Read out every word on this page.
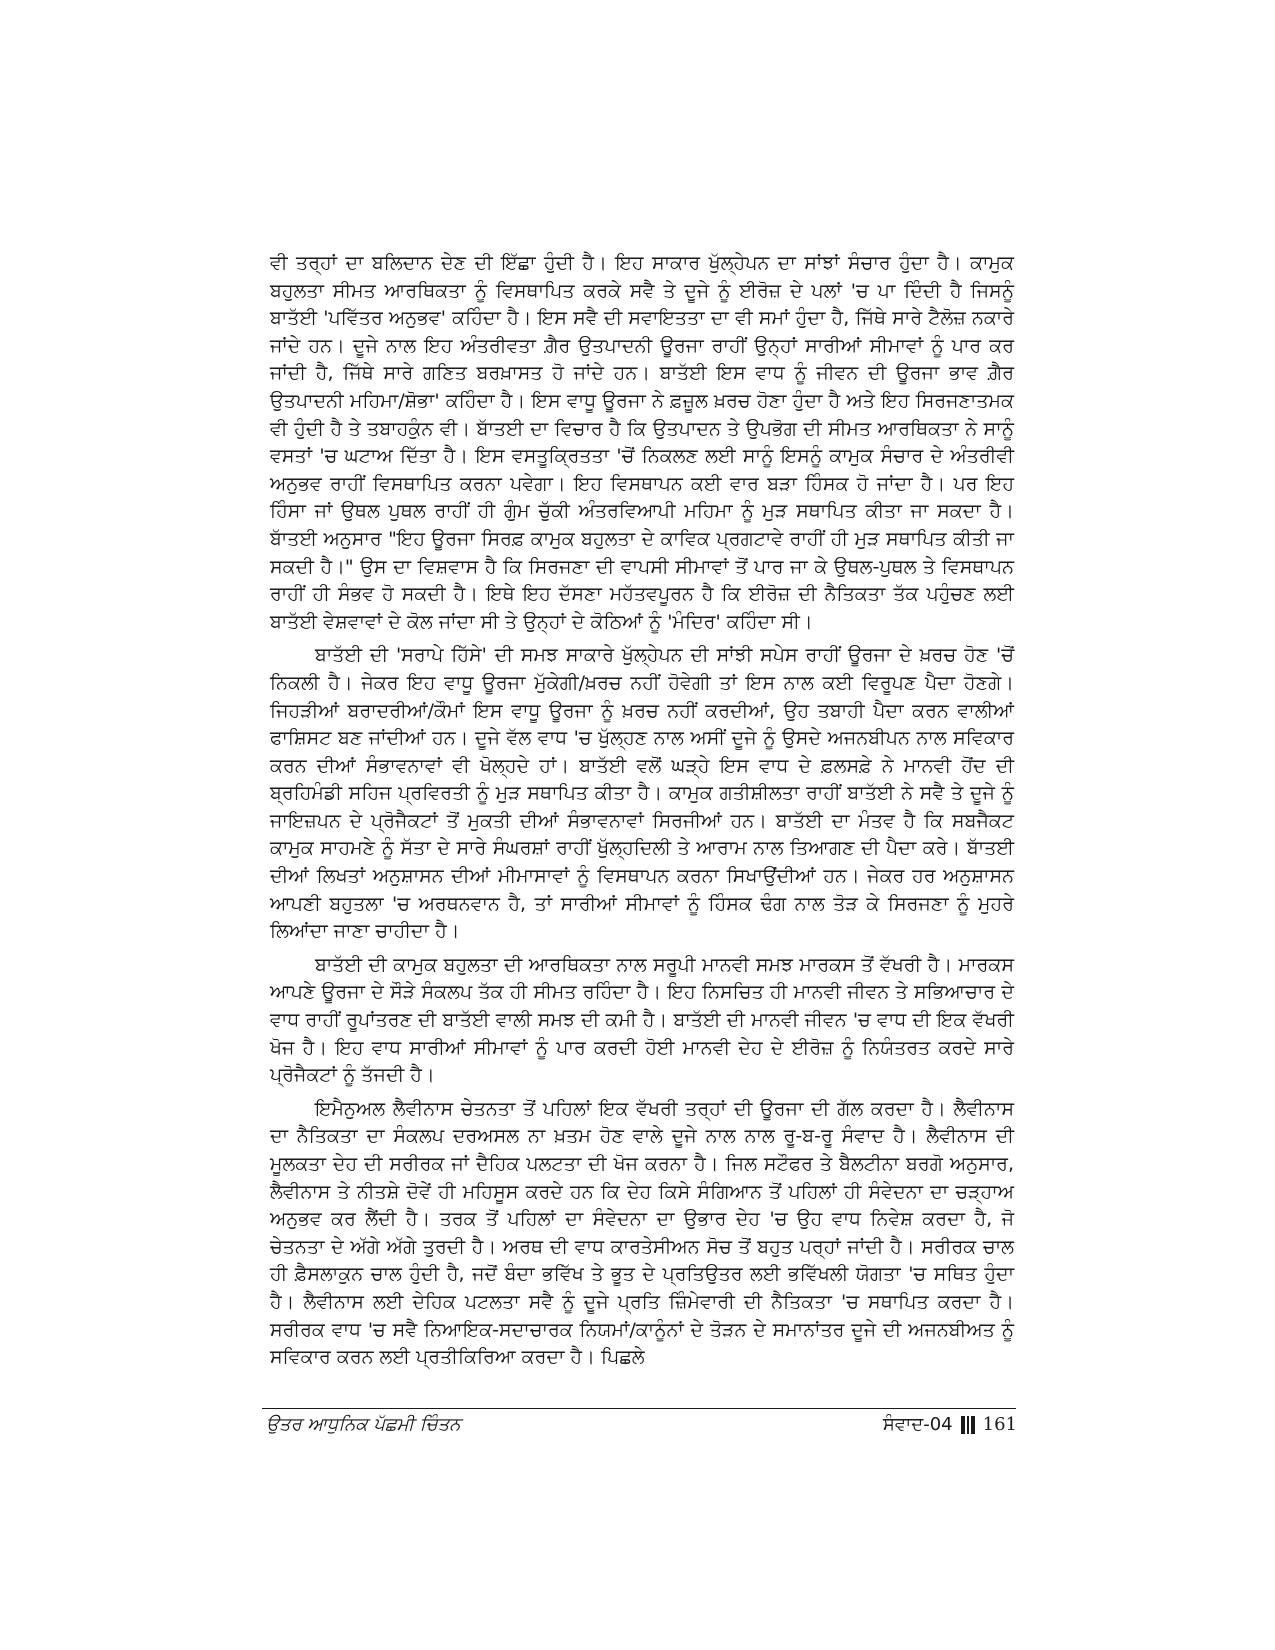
ਵੀ ਤਰ੍ਹਾਂ ਦਾ ਬਲਿਦਾਨ ਦੇਣ ਦੀ ਇੱਛਾ ਹੁੰਦੀ ਹੈ। ਇਹ ਸਾਕਾਰ ਖੁੱਲ੍ਹੇਪਨ ਦਾ ਸਾਂਝਾਂ ਸੰਚਾਰ ਹੁੰਦਾ ਹੈ। ਕਾਮੁਕ ਬਹੁਲਤਾ ਸੀਮਤ ਆਰਥਿਕਤਾ ਨੂੰ ਵਿਸਥਾਪਿਤ ਕਰਕੇ ਸਵੈ ਤੇ ਦੂਜੇ ਨੂੰ ਈਰੋਜ਼ ਦੇ ਪਲਾਂ 'ਚ ਪਾ ਦਿੰਦੀ ਹੈ ਜਿਸਨੂੰ ਬਾਤੱਈ 'ਪਵਿੱਤਰ ਅਨੁਭਵ' ਕਹਿੰਦਾ ਹੈ। ਇਸ ਸਵੈ ਦੀ ਸਵਾਇਤਤਾ ਦਾ ਵੀ ਸਮਾਂ ਹੁੰਦਾ ਹੈ, ਜਿੱਥੇ ਸਾਰੇ ਟੈਲੋਜ਼ ਨਕਾਰੇ ਜਾਂਦੇ ਹਨ। ਦੂਜੇ ਨਾਲ ਇਹ ਅੰਤਰੀਵਤਾ ਗ਼ੈਰ ਉਤਪਾਦਨੀ ਊਰਜਾ ਰਾਹੀਂ ਉਨ੍ਹਾਂ ਸਾਰੀਆਂ ਸੀਮਾਵਾਂ ਨੂੰ ਪਾਰ ਕਰ ਜਾਂਦੀ ਹੈ, ਜਿੱਥੇ ਸਾਰੇ ਗਣਿਤ ਬਰਖ਼ਾਸਤ ਹੋ ਜਾਂਦੇ ਹਨ। ਬਾਤੱਈ ਇਸ ਵਾਧ ਨੂੰ ਜੀਵਨ ਦੀ ਊਰਜਾ ਭਾਵ ਗ਼ੈਰ ਉਤਪਾਦਨੀ ਮਹਿਮਾ/ਸ਼ੋਭਾ' ਕਹਿੰਦਾ ਹੈ। ਇਸ ਵਾਧੂ ਊਰਜਾ ਨੇ ਫ਼ਜ਼ੂਲ ਖ਼ਰਚ ਹੋਣਾ ਹੁੰਦਾ ਹੈ ਅਤੇ ਇਹ ਸਿਰਜਣਾਤਮਕ ਵੀ ਹੁੰਦੀ ਹੈ ਤੇ ਤਬਾਹਕੁੰਨ ਵੀ। ਬਾੱਤਈ ਦਾ ਵਿਚਾਰ ਹੈ ਕਿ ਉਤਪਾਦਨ ਤੇ ਉਪਭੋਗ ਦੀ ਸੀਮਤ ਆਰਥਿਕਤਾ ਨੇ ਸਾਨੂੰ ਵਸਤਾਂ 'ਚ ਘਟਾਅ ਦਿੱਤਾ ਹੈ। ਇਸ ਵਸਤੂਕ੍ਰਿਤਤਾ 'ਚੋਂ ਨਿਕਲਣ ਲਈ ਸਾਨੂੰ ਇਸਨੂੰ ਕਾਮੁਕ ਸੰਚਾਰ ਦੇ ਅੰਤਰੀਵੀ ਅਨੁਭਵ ਰਾਹੀਂ ਵਿਸਥਾਪਿਤ ਕਰਨਾ ਪਵੇਗਾ। ਇਹ ਵਿਸਥਾਪਨ ਕਈ ਵਾਰ ਬੜਾ ਹਿੰਸਕ ਹੋ ਜਾਂਦਾ ਹੈ। ਪਰ ਇਹ ਹਿੰਸਾ ਜਾਂ ਉਥਲ ਪੁਥਲ ਰਾਹੀਂ ਹੀ ਗੁੰਮ ਚੁੱਕੀ ਅੰਤਰਵਿਆਪੀ ਮਹਿਮਾ ਨੂੰ ਮੁੜ ਸਥਾਪਿਤ ਕੀਤਾ ਜਾ ਸਕਦਾ ਹੈ। ਬਾੱਤਈ ਅਨੁਸਾਰ "ਇਹ ਊਰਜਾ ਸਿਰਫ਼ ਕਾਮੁਕ ਬਹੁਲਤਾ ਦੇ ਕਾਵਿਕ ਪ੍ਰਗਟਾਵੇ ਰਾਹੀਂ ਹੀ ਮੁੜ ਸਥਾਪਿਤ ਕੀਤੀ ਜਾ ਸਕਦੀ ਹੈ।" ਉਸ ਦਾ ਵਿਸ਼ਵਾਸ ਹੈ ਕਿ ਸਿਰਜਣਾ ਦੀ ਵਾਪਸੀ ਸੀਮਾਵਾਂ ਤੋਂ ਪਾਰ ਜਾ ਕੇ ਉਥਲ-ਪੁਥਲ ਤੇ ਵਿਸਥਾਪਨ ਰਾਹੀਂ ਹੀ ਸੰਭਵ ਹੋ ਸਕਦੀ ਹੈ। ਇਥੇ ਇਹ ਦੱਸਣਾ ਮਹੱਤਵਪੂਰਨ ਹੈ ਕਿ ਈਰੋਜ਼ ਦੀ ਨੈਤਿਕਤਾ ਤੱਕ ਪਹੁੰਚਣ ਲਈ ਬਾਤੱਈ ਵੇਸ਼ਵਾਵਾਂ ਦੇ ਕੋਲ ਜਾਂਦਾ ਸੀ ਤੇ ਉਨ੍ਹਾਂ ਦੇ ਕੋਠਿਆਂ ਨੂੰ 'ਮੰਦਿਰ' ਕਹਿੰਦਾ ਸੀ।

ਬਾਤੱਈ ਦੀ 'ਸਰਾਪੇ ਹਿੱਸੇ' ਦੀ ਸਮਝ ਸਾਕਾਰੇ ਖੁੱਲ੍ਹੇਪਨ ਦੀ ਸਾਂਝੀ ਸਪੇਸ ਰਾਹੀਂ ਊਰਜਾ ਦੇ ਖ਼ਰਚ ਹੋਣ 'ਚੋਂ ਨਿਕਲੀ ਹੈ। ਜੇਕਰ ਇਹ ਵਾਧੂ ਊਰਜਾ ਮੁੱਕੇਗੀ/ਖ਼ਰਚ ਨਹੀਂ ਹੋਵੇਗੀ ਤਾਂ ਇਸ ਨਾਲ ਕਈ ਵਿਰੂਪਣ ਪੈਦਾ ਹੋਣਗੇ। ਜਿਹੜੀਆਂ ਬਰਾਦਰੀਆਂ/ਕੌਮਾਂ ਇਸ ਵਾਧੂ ਊਰਜਾ ਨੂੰ ਖ਼ਰਚ ਨਹੀਂ ਕਰਦੀਆਂ, ਉਹ ਤਬਾਹੀ ਪੈਦਾ ਕਰਨ ਵਾਲੀਆਂ ਫਾਸ਼ਿਸਟ ਬਣ ਜਾਂਦੀਆਂ ਹਨ। ਦੂਜੇ ਵੱਲ ਵਾਧ 'ਚ ਖੁੱਲ੍ਹਣ ਨਾਲ ਅਸੀਂ ਦੂਜੇ ਨੂੰ ਉਸਦੇ ਅਜਨਬੀਪਨ ਨਾਲ ਸਵਿਕਾਰ ਕਰਨ ਦੀਆਂ ਸੰਭਾਵਨਾਵਾਂ ਵੀ ਖੋਲ੍ਹਦੇ ਹਾਂ। ਬਾਤੱਈ ਵਲੋਂ ਘੜ੍ਹੇ ਇਸ ਵਾਧ ਦੇ ਫ਼ਲਸਫ਼ੇ ਨੇ ਮਾਨਵੀ ਹੋਂਦ ਦੀ ਬ੍ਰਹਿਮੰਡੀ ਸਹਿਜ ਪ੍ਰਵਿਰਤੀ ਨੂੰ ਮੁੜ ਸਥਾਪਿਤ ਕੀਤਾ ਹੈ। ਕਾਮੁਕ ਗਤੀਸ਼ੀਲਤਾ ਰਾਹੀਂ ਬਾਤੱਈ ਨੇ ਸਵੈ ਤੇ ਦੂਜੇ ਨੂੰ ਜਾਇਜ਼ਪਨ ਦੇ ਪ੍ਰੋਜੈਕਟਾਂ ਤੋਂ ਮੁਕਤੀ ਦੀਆਂ ਸੰਭਾਵਨਾਵਾਂ ਸਿਰਜੀਆਂ ਹਨ। ਬਾਤੱਈ ਦਾ ਮੰਤਵ ਹੈ ਕਿ ਸਬਜੈਕਟ ਕਾਮੁਕ ਸਾਹਮਣੇ ਨੂੰ ਸੱਤਾ ਦੇ ਸਾਰੇ ਸੰਘਰਸ਼ਾਂ ਰਾਹੀਂ ਖੁੱਲ੍ਹਦਿਲੀ ਤੇ ਆਰਾਮ ਨਾਲ ਤਿਆਗਣ ਦੀ ਪੈਦਾ ਕਰੇ। ਬਾੱਤਈ ਦੀਆਂ ਲਿਖਤਾਂ ਅਨੁਸ਼ਾਸਨ ਦੀਆਂ ਮੀਮਾਸਾਵਾਂ ਨੂੰ ਵਿਸਥਾਪਨ ਕਰਨਾ ਸਿਖਾਉਂਦੀਆਂ ਹਨ। ਜੇਕਰ ਹਰ ਅਨੁਸ਼ਾਸਨ ਆਪਣੀ ਬਹੁਤਲਾ 'ਚ ਅਰਥਨਵਾਨ ਹੈ, ਤਾਂ ਸਾਰੀਆਂ ਸੀਮਾਵਾਂ ਨੂੰ ਹਿੰਸਕ ਢੰਗ ਨਾਲ ਤੋੜ ਕੇ ਸਿਰਜਣਾ ਨੂੰ ਮੁਹਰੇ ਲਿਆਂਦਾ ਜਾਣਾ ਚਾਹੀਦਾ ਹੈ।

ਬਾਤੱਈ ਦੀ ਕਾਮੁਕ ਬਹੁਲਤਾ ਦੀ ਆਰਥਿਕਤਾ ਨਾਲ ਸਰੂਪੀ ਮਾਨਵੀ ਸਮਝ ਮਾਰਕਸ ਤੋਂ ਵੱਖਰੀ ਹੈ। ਮਾਰਕਸ ਆਪਣੇ ਊਰਜਾ ਦੇ ਸੌੜੇ ਸੰਕਲਪ ਤੱਕ ਹੀ ਸੀਮਤ ਰਹਿੰਦਾ ਹੈ। ਇਹ ਨਿਸਚਿਤ ਹੀ ਮਾਨਵੀ ਜੀਵਨ ਤੇ ਸਭਿਆਚਾਰ ਦੇ ਵਾਧ ਰਾਹੀਂ ਰੂਪਾਂਤਰਣ ਦੀ ਬਾਤੱਈ ਵਾਲੀ ਸਮਝ ਦੀ ਕਮੀ ਹੈ। ਬਾਤੱਈ ਦੀ ਮਾਨਵੀ ਜੀਵਨ 'ਚ ਵਾਧ ਦੀ ਇਕ ਵੱਖਰੀ ਖੋਜ ਹੈ। ਇਹ ਵਾਧ ਸਾਰੀਆਂ ਸੀਮਾਵਾਂ ਨੂੰ ਪਾਰ ਕਰਦੀ ਹੋਈ ਮਾਨਵੀ ਦੇਹ ਦੇ ਈਰੋਜ਼ ਨੂੰ ਨਿਯੰਤਰਤ ਕਰਦੇ ਸਾਰੇ ਪ੍ਰੋਜੈਕਟਾਂ ਨੂੰ ਤੱਜਦੀ ਹੈ।

ਇਮੈਨੁਅਲ ਲੈਵੀਨਾਸ ਚੇਤਨਤਾ ਤੋਂ ਪਹਿਲਾਂ ਇਕ ਵੱਖਰੀ ਤਰ੍ਹਾਂ ਦੀ ਊਰਜਾ ਦੀ ਗੱਲ ਕਰਦਾ ਹੈ। ਲੈਵੀਨਾਸ ਦਾ ਨੈਤਿਕਤਾ ਦਾ ਸੰਕਲਪ ਦਰਅਸਲ ਨਾ ਖ਼ਤਮ ਹੋਣ ਵਾਲੇ ਦੂਜੇ ਨਾਲ ਨਾਲ ਰੂ-ਬ-ਰੂ ਸੰਵਾਦ ਹੈ। ਲੈਵੀਨਾਸ ਦੀ ਮੂਲਕਤਾ ਦੇਹ ਦੀ ਸਰੀਰਕ ਜਾਂ ਦੈਹਿਕ ਪਲਟਤਾ ਦੀ ਖੋਜ ਕਰਨਾ ਹੈ। ਜਿਲ ਸਟੌਫਰ ਤੇ ਬੈਲਟੀਨਾ ਬਰਗੋ ਅਨੁਸਾਰ, ਲੈਵੀਨਾਸ ਤੇ ਨੀਤਸ਼ੇ ਦੋਵੇਂ ਹੀ ਮਹਿਸੂਸ ਕਰਦੇ ਹਨ ਕਿ ਦੇਹ ਕਿਸੇ ਸੰਗਿਆਨ ਤੋਂ ਪਹਿਲਾਂ ਹੀ ਸੰਵੇਦਨਾ ਦਾ ਚੜ੍ਹਾਅ ਅਨੁਭਵ ਕਰ ਲੈਂਦੀ ਹੈ। ਤਰਕ ਤੋਂ ਪਹਿਲਾਂ ਦਾ ਸੰਵੇਦਨਾ ਦਾ ਉਭਾਰ ਦੇਹ 'ਚ ਉਹ ਵਾਧ ਨਿਵੇਸ਼ ਕਰਦਾ ਹੈ, ਜੋ ਚੇਤਨਤਾ ਦੇ ਅੱਗੇ ਅੱਗੇ ਤੁਰਦੀ ਹੈ। ਅਰਥ ਦੀ ਵਾਧ ਕਾਰਤੇਸੀਅਨ ਸੋਚ ਤੋਂ ਬਹੁਤ ਪਰ੍ਹਾਂ ਜਾਂਦੀ ਹੈ। ਸਰੀਰਕ ਚਾਲ ਹੀ ਫ਼ੈਸਲਾਕੁਨ ਚਾਲ ਹੁੰਦੀ ਹੈ, ਜਦੋਂ ਬੰਦਾ ਭਵਿੱਖ ਤੇ ਭੂਤ ਦੇ ਪ੍ਰਤਿਉਤਰ ਲਈ ਭਵਿੱਖਲੀ ਯੋਗਤਾ 'ਚ ਸਥਿਤ ਹੁੰਦਾ ਹੈ। ਲੈਵੀਨਾਸ ਲਈ ਦੇਹਿਕ ਪਟਲਤਾ ਸਵੈ ਨੂੰ ਦੂਜੇ ਪ੍ਰਤਿ ਜ਼ਿੰਮੇਵਾਰੀ ਦੀ ਨੈਤਿਕਤਾ 'ਚ ਸਥਾਪਿਤ ਕਰਦਾ ਹੈ। ਸਰੀਰਕ ਵਾਧ 'ਚ ਸਵੈ ਨਿਆਇਕ-ਸਦਾਚਾਰਕ ਨਿਯਮਾਂ/ਕਾਨੂੰਨਾਂ ਦੇ ਤੋੜਨ ਦੇ ਸਮਾਨਾਂਤਰ ਦੂਜੇ ਦੀ ਅਜਨਬੀਅਤ ਨੂੰ ਸਵਿਕਾਰ ਕਰਨ ਲਈ ਪ੍ਰਤੀਕਿਰਿਆ ਕਰਦਾ ਹੈ। ਪਿਛਲੇ

ਉਤਰ ਆਧੁਨਿਕ ਪੱਛਮੀ ਚਿੰਤਨ	ਸੰਵਾਦ-04 161
